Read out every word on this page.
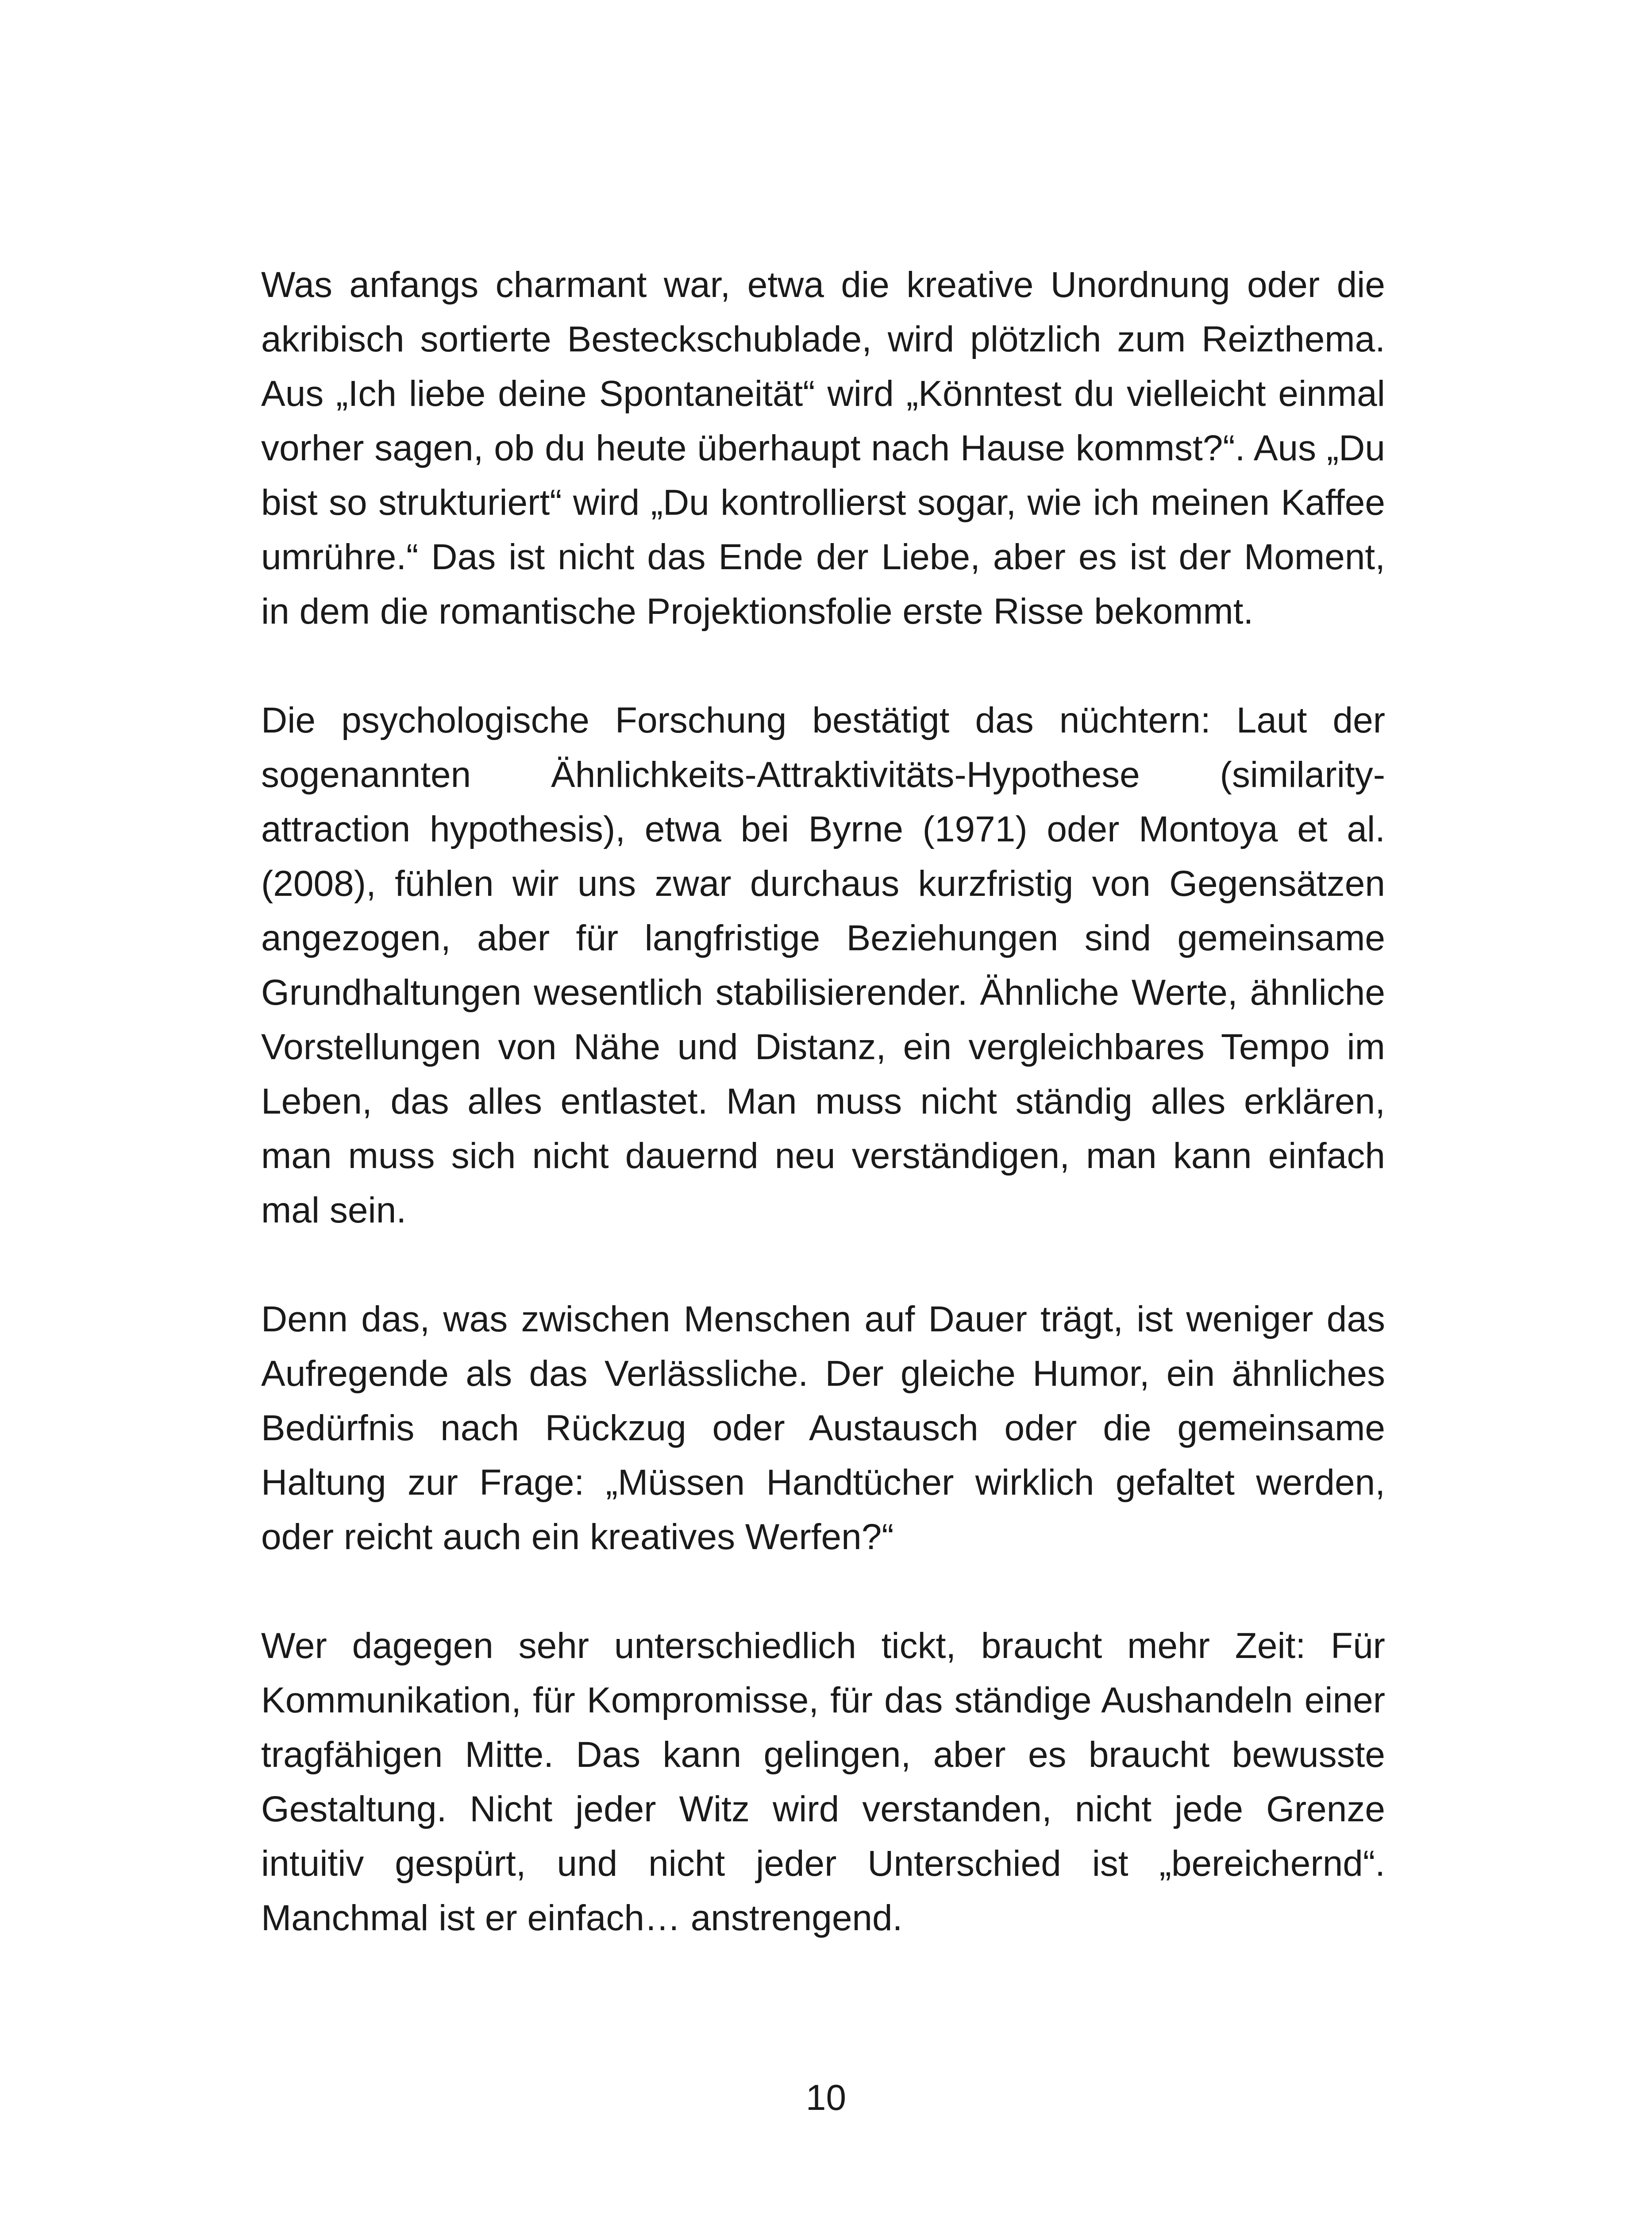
Was anfangs charmant war, etwa die kreative Unordnung oder die akribisch sortierte Besteckschublade, wird plötzlich zum Reizthema. Aus „Ich liebe deine Spontaneität“ wird „Könntest du vielleicht einmal vorher sagen, ob du heute überhaupt nach Hause kommst?“. Aus „Du bist so strukturiert“ wird „Du kontrollierst sogar, wie ich meinen Kaffee umrühre.“ Das ist nicht das Ende der Liebe, aber es ist der Moment, in dem die romantische Projektionsfolie erste Risse bekommt.

Die psychologische Forschung bestätigt das nüchtern: Laut der sogenannten Ähnlichkeits-Attraktivitäts-Hypothese (similarity-attraction hypothesis), etwa bei Byrne (1971) oder Montoya et al. (2008), fühlen wir uns zwar durchaus kurzfristig von Gegensätzen angezogen, aber für langfristige Beziehungen sind gemeinsame Grundhaltungen wesentlich stabilisierender. Ähnliche Werte, ähnliche Vorstellungen von Nähe und Distanz, ein vergleichbares Tempo im Leben, das alles entlastet. Man muss nicht ständig alles erklären, man muss sich nicht dauernd neu verständigen, man kann einfach mal sein.

Denn das, was zwischen Menschen auf Dauer trägt, ist weniger das Aufregende als das Verlässliche. Der gleiche Humor, ein ähnliches Bedürfnis nach Rückzug oder Austausch oder die gemeinsame Haltung zur Frage: „Müssen Handtücher wirklich gefaltet werden, oder reicht auch ein kreatives Werfen?“

Wer dagegen sehr unterschiedlich tickt, braucht mehr Zeit: Für Kommunikation, für Kompromisse, für das ständige Aushandeln einer tragfähigen Mitte. Das kann gelingen, aber es braucht bewusste Gestaltung. Nicht jeder Witz wird verstanden, nicht jede Grenze intuitiv gespürt, und nicht jeder Unterschied ist „bereichernd“. Manchmal ist er einfach… anstrengend.

10
